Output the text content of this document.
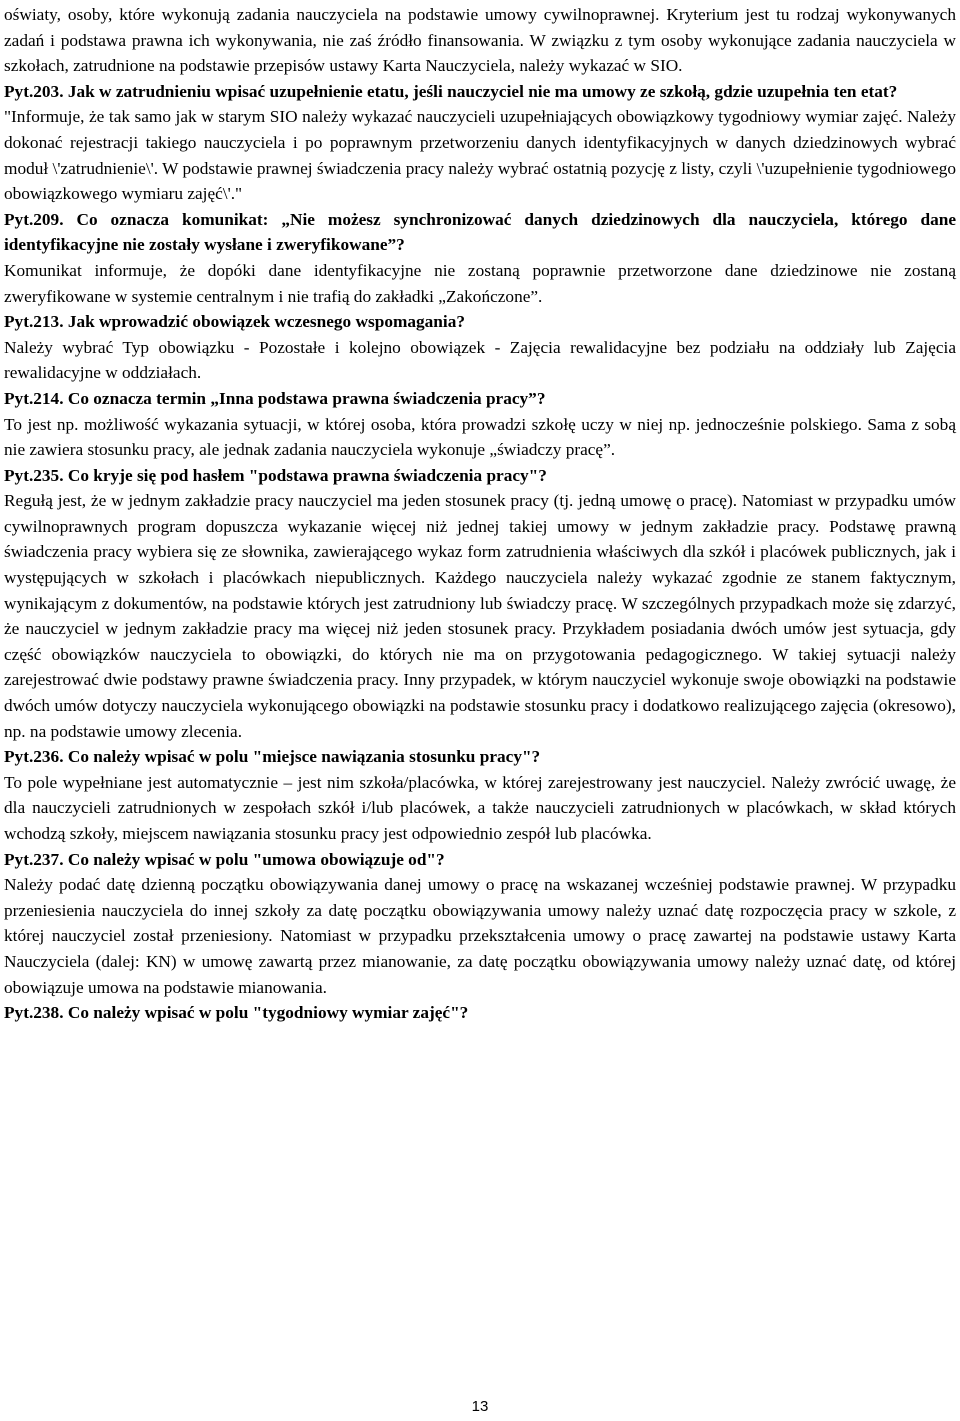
oświaty, osoby, które wykonują zadania nauczyciela na podstawie umowy cywilnoprawnej. Kryterium jest tu rodzaj wykonywanych zadań i podstawa prawna ich wykonywania, nie zaś źródło finansowania. W związku z tym osoby wykonujące zadania nauczyciela w szkołach, zatrudnione na podstawie przepisów ustawy Karta Nauczyciela, należy wykazać w SIO.

Pyt.203. Jak w zatrudnieniu wpisać uzupełnienie etatu, jeśli nauczyciel nie ma umowy ze szkołą, gdzie uzupełnia ten etat?

"Informuje, że tak samo jak w starym SIO należy wykazać nauczycieli uzupełniających obowiązkowy tygodniowy wymiar zajęć. Należy dokonać rejestracji takiego nauczyciela i po poprawnym przetworzeniu danych identyfikacyjnych w danych dziedzinowych wybrać moduł \'zatrudnienie\'. W podstawie prawnej świadczenia pracy należy wybrać ostatnią pozycję z listy, czyli \'uzupełnienie tygodniowego obowiązkowego wymiaru zajęć\'."

Pyt.209. Co oznacza komunikat: „Nie możesz synchronizować danych dziedzinowych dla nauczyciela, którego dane identyfikacyjne nie zostały wysłane i zweryfikowane”?

Komunikat informuje, że dopóki dane identyfikacyjne nie zostaną poprawnie przetworzone dane dziedzinowe nie zostaną zweryfikowane w systemie centralnym i nie trafią do zakładki „Zakończone”.

Pyt.213. Jak wprowadzić obowiązek wczesnego wspomagania?

Należy wybrać Typ obowiązku - Pozostałe i kolejno obowiązek - Zajęcia rewalidacyjne bez podziału na oddziały lub Zajęcia rewalidacyjne w oddziałach.

Pyt.214. Co oznacza termin „Inna podstawa prawna świadczenia pracy”?

To jest np. możliwość wykazania sytuacji, w której osoba, która prowadzi szkołę uczy w niej np. jednocześnie polskiego. Sama z sobą nie zawiera stosunku pracy, ale jednak zadania nauczyciela wykonuje „świadczy pracę”.

Pyt.235. Co kryje się pod hasłem "podstawa prawna świadczenia pracy"?

Regułą jest, że w jednym zakładzie pracy nauczyciel ma jeden stosunek pracy (tj. jedną umowę o pracę). Natomiast w przypadku umów cywilnoprawnych program dopuszcza wykazanie więcej niż jednej takiej umowy w jednym zakładzie pracy. Podstawę prawną świadczenia pracy wybiera się ze słownika, zawierającego wykaz form zatrudnienia właściwych dla szkół i placówek publicznych, jak i występujących w szkołach i placówkach niepublicznych. Każdego nauczyciela należy wykazać zgodnie ze stanem faktycznym, wynikającym z dokumentów, na podstawie których jest zatrudniony lub świadczy pracę. W szczególnych przypadkach może się zdarzyć, że nauczyciel w jednym zakładzie pracy ma więcej niż jeden stosunek pracy. Przykładem posiadania dwóch umów jest sytuacja, gdy część obowiązków nauczyciela to obowiązki, do których nie ma on przygotowania pedagogicznego. W takiej sytuacji należy zarejestrować dwie podstawy prawne świadczenia pracy. Inny przypadek, w którym nauczyciel wykonuje swoje obowiązki na podstawie dwóch umów dotyczy nauczyciela wykonującego obowiązki na podstawie stosunku pracy i dodatkowo realizującego zajęcia (okresowo), np. na podstawie umowy zlecenia.

Pyt.236. Co należy wpisać w polu "miejsce nawiązania stosunku pracy"?

To pole wypełniane jest automatycznie – jest nim szkoła/placówka, w której zarejestrowany jest nauczyciel. Należy zwrócić uwagę, że dla nauczycieli zatrudnionych w zespołach szkół i/lub placówek, a także nauczycieli zatrudnionych w placówkach, w skład których wchodzą szkoły, miejscem nawiązania stosunku pracy jest odpowiednio zespół lub placówka.

Pyt.237. Co należy wpisać w polu "umowa obowiązuje od"?

Należy podać datę dzienną początku obowiązywania danej umowy o pracę na wskazanej wcześniej podstawie prawnej. W przypadku przeniesienia nauczyciela do innej szkoły za datę początku obowiązywania umowy należy uznać datę rozpoczęcia pracy w szkole, z której nauczyciel został przeniesiony. Natomiast w przypadku przekształcenia umowy o pracę zawartej na podstawie ustawy Karta Nauczyciela (dalej: KN) w umowę zawartą przez mianowanie, za datę początku obowiązywania umowy należy uznać datę, od której obowiązuje umowa na podstawie mianowania.

Pyt.238. Co należy wpisać w polu "tygodniowy wymiar zajęć"?

13
